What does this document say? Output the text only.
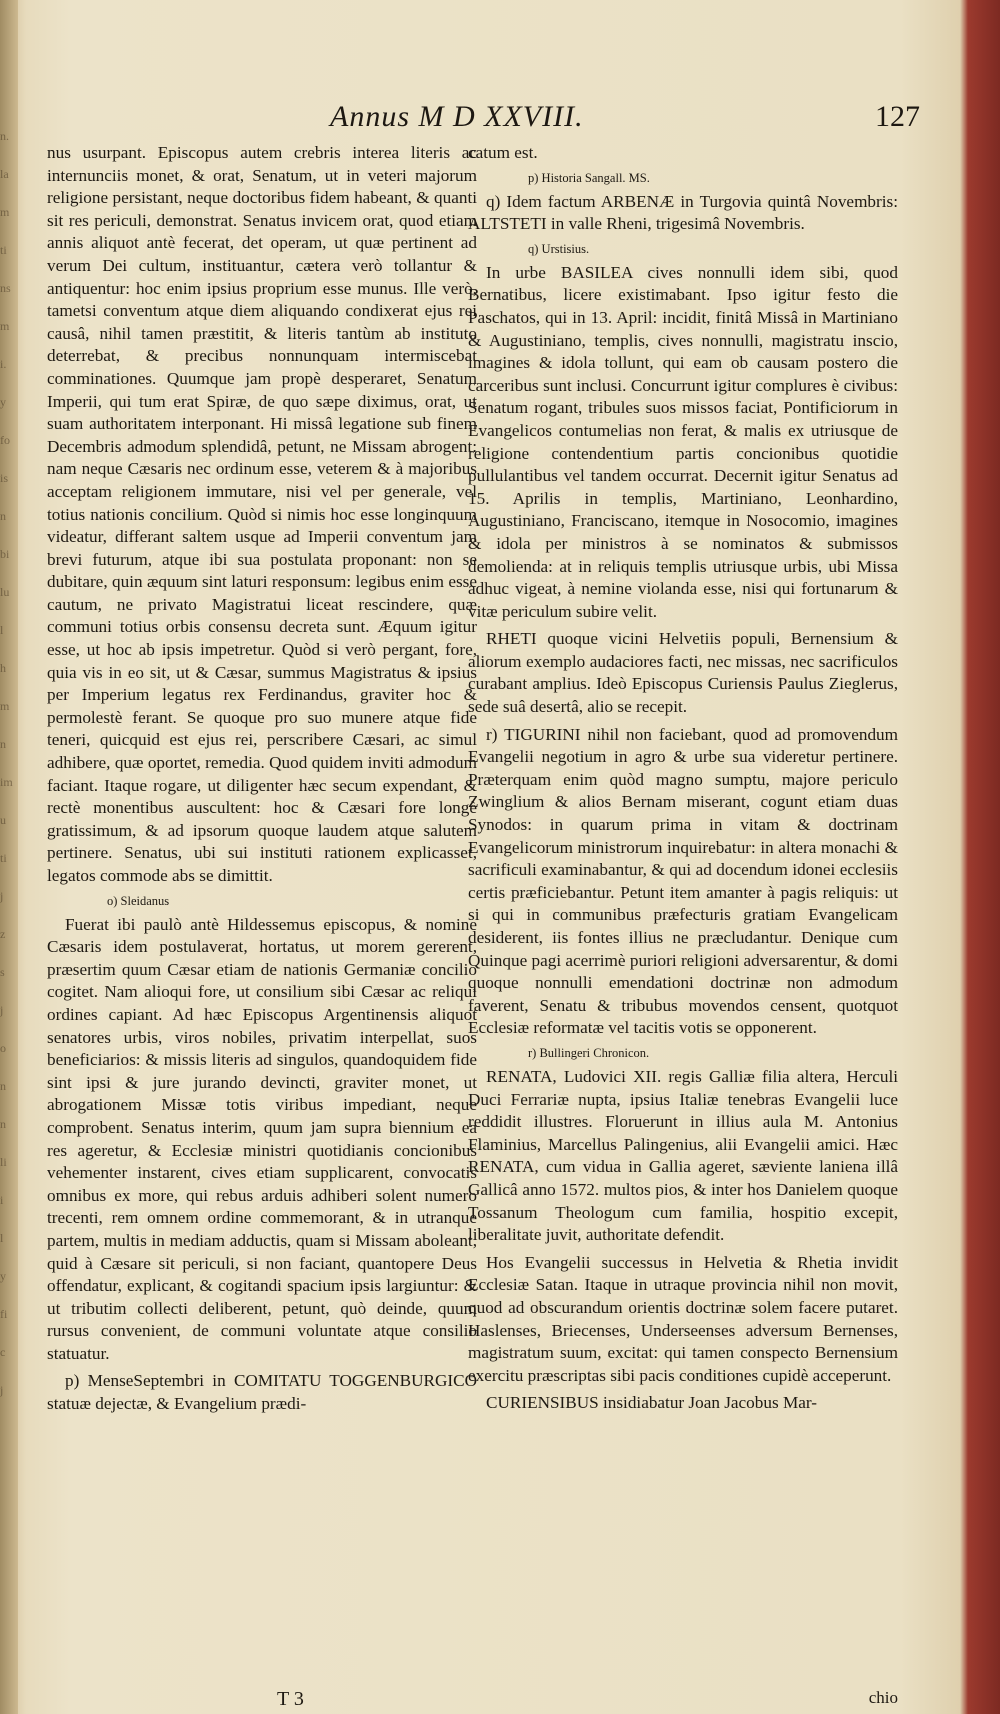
n.
la
m
ti
ns
m
i.
y
fo
is
n
bi
lu
l
h
m
n
im
u
ti
j
z
s
j
o
n
n
li
i
l
y
fi
c
j
Annus M D XXVIII.	127

nus usurpant. Episcopus autem crebris interea literis ac internunciis monet, & orat, Senatum, ut in veteri majorum religione persistant, neque doctoribus fidem habeant, & quanti sit res periculi, demonstrat. Senatus invicem orat, quod etiam annis aliquot antè fecerat, det operam, ut quæ pertinent ad verum Dei cultum, instituantur, cætera verò tollantur & antiquentur: hoc enim ipsius proprium esse munus. Ille verò, tametsi conventum atque diem aliquando condixerat ejus rei causâ, nihil tamen præstitit, & literis tantùm ab instituto deterrebat, & precibus nonnunquam intermiscebat comminationes. Quumque jam propè desperaret, Senatum Imperii, qui tum erat Spiræ, de quo sæpe diximus, orat, ut suam authoritatem interponant. Hi missâ legatione sub finem Decembris admodum splendidâ, petunt, ne Missam abrogent: nam neque Cæsaris nec ordinum esse, veterem & à majoribus acceptam religionem immutare, nisi vel per generale, vel totius nationis concilium. Quòd si nimis hoc esse longinquum videatur, differant saltem usque ad Imperii conventum jam brevi futurum, atque ibi sua postulata proponant: non se dubitare, quin æquum sint laturi responsum: legibus enim esse cautum, ne privato Magistratui liceat rescindere, quæ communi totius orbis consensu decreta sunt. Æquum igitur esse, ut hoc ab ipsis impetretur. Quòd si verò pergant, fore, quia vis in eo sit, ut & Cæsar, summus Magistratus & ipsius per Imperium legatus rex Ferdinandus, graviter hoc & permolestè ferant. Se quoque pro suo munere atque fide teneri, quicquid est ejus rei, perscribere Cæsari, ac simul adhibere, quæ oportet, remedia. Quod quidem inviti admodum faciant. Itaque rogare, ut diligenter hæc secum expendant, & rectè monentibus auscultent: hoc & Cæsari fore longè gratissimum, & ad ipsorum quoque laudem atque salutem pertinere. Senatus, ubi sui instituti rationem explicasset, legatos commode abs se dimittit.

o) Sleidanus

Fuerat ibi paulò antè Hildessemus episcopus, & nomine Cæsaris idem postulaverat, hortatus, ut morem gererent, præsertim quum Cæsar etiam de nationis Germaniæ concilio cogitet. Nam alioqui fore, ut consilium sibi Cæsar ac reliqui ordines capiant. Ad hæc Episcopus Argentinensis aliquot senatores urbis, viros nobiles, privatim interpellat, suos beneficiarios: & missis literis ad singulos, quandoquidem fide sint ipsi & jure jurando devincti, graviter monet, ut abrogationem Missæ totis viribus impediant, neque comprobent. Senatus interim, quum jam supra biennium ea res ageretur, & Ecclesiæ ministri quotidianis concionibus vehementer instarent, cives etiam supplicarent, convocatis omnibus ex more, qui rebus arduis adhiberi solent numero trecenti, rem omnem ordine commemorant, & in utranque partem, multis in mediam adductis, quam si Missam aboleant, quid à Cæsare sit periculi, si non faciant, quantopere Deus offendatur, explicant, & cogitandi spacium ipsis largiuntur: & ut tributim collecti deliberent, petunt, quò deinde, quum rursus convenient, de communi voluntate atque consilio statuatur.

p) MenseSeptembri in COMITATU TOGGENBURGICO statuæ dejectæ, & Evangelium prædi-

catum est.

p) Historia Sangall. MS.

q) Idem factum ARBENÆ in Turgovia quintâ Novembris: ALTSTETI in valle Rheni, trigesimâ Novembris.

q) Urstisius.

In urbe BASILEA cives nonnulli idem sibi, quod Bernatibus, licere existimabant. Ipso igitur festo die Paschatos, qui in 13. April: incidit, finitâ Missâ in Martiniano & Augustiniano, templis, cives nonnulli, magistratu inscio, imagines & idola tollunt, qui eam ob causam postero die carceribus sunt inclusi. Concurrunt igitur complures è civibus: Senatum rogant, tribules suos missos faciat, Pontificiorum in Evangelicos contumelias non ferat, & malis ex utriusque de religione contendentium partis concionibus quotidie pullulantibus vel tandem occurrat. Decernit igitur Senatus ad 15. Aprilis in templis, Martiniano, Leonhardino, Augustiniano, Franciscano, itemque in Nosocomio, imagines & idola per ministros à se nominatos & submissos demolienda: at in reliquis templis utriusque urbis, ubi Missa adhuc vigeat, à nemine violanda esse, nisi qui fortunarum & vitæ periculum subire velit.

RHETI quoque vicini Helvetiis populi, Bernensium & aliorum exemplo audaciores facti, nec missas, nec sacrificulos curabant amplius. Ideò Episcopus Curiensis Paulus Zieglerus, sede suâ desertâ, alio se recepit.

r) TIGURINI nihil non faciebant, quod ad promovendum Evangelii negotium in agro & urbe sua videretur pertinere. Præterquam enim quòd magno sumptu, majore periculo Zwinglium & alios Bernam miserant, cogunt etiam duas Synodos: in quarum prima in vitam & doctrinam Evangelicorum ministrorum inquirebatur: in altera monachi & sacrificuli examinabantur, & qui ad docendum idonei ecclesiis certis præficiebantur. Petunt item amanter à pagis reliquis: ut si qui in communibus præfecturis gratiam Evangelicam desiderent, iis fontes illius ne præcludantur. Denique cum Quinque pagi acerrimè puriori religioni adversarentur, & domi quoque nonnulli emendationi doctrinæ non admodum faverent, Senatu & tribubus movendos censent, quotquot Ecclesiæ reformatæ vel tacitis votis se opponerent.

r) Bullingeri Chronicon.

RENATA, Ludovici XII. regis Galliæ filia altera, Herculi Duci Ferrariæ nupta, ipsius Italiæ tenebras Evangelii luce reddidit illustres. Floruerunt in illius aula M. Antonius Flaminius, Marcellus Palingenius, alii Evangelii amici. Hæc RENATA, cum vidua in Gallia ageret, sæviente laniena illâ Gallicâ anno 1572. multos pios, & inter hos Danielem quoque Tossanum Theologum cum familia, hospitio excepit, liberalitate juvit, authoritate defendit.

Hos Evangelii successus in Helvetia & Rhetia invidit Ecclesiæ Satan. Itaque in utraque provincia nihil non movit, quod ad obscurandum orientis doctrinæ solem facere putaret. Haslenses, Briecenses, Underseenses adversum Bernenses, magistratum suum, excitat: qui tamen conspecto Bernensium exercitu præscriptas sibi pacis conditiones cupidè acceperunt.

CURIENSIBUS insidiabatur Joan Jacobus Mar-

T 3	chio
